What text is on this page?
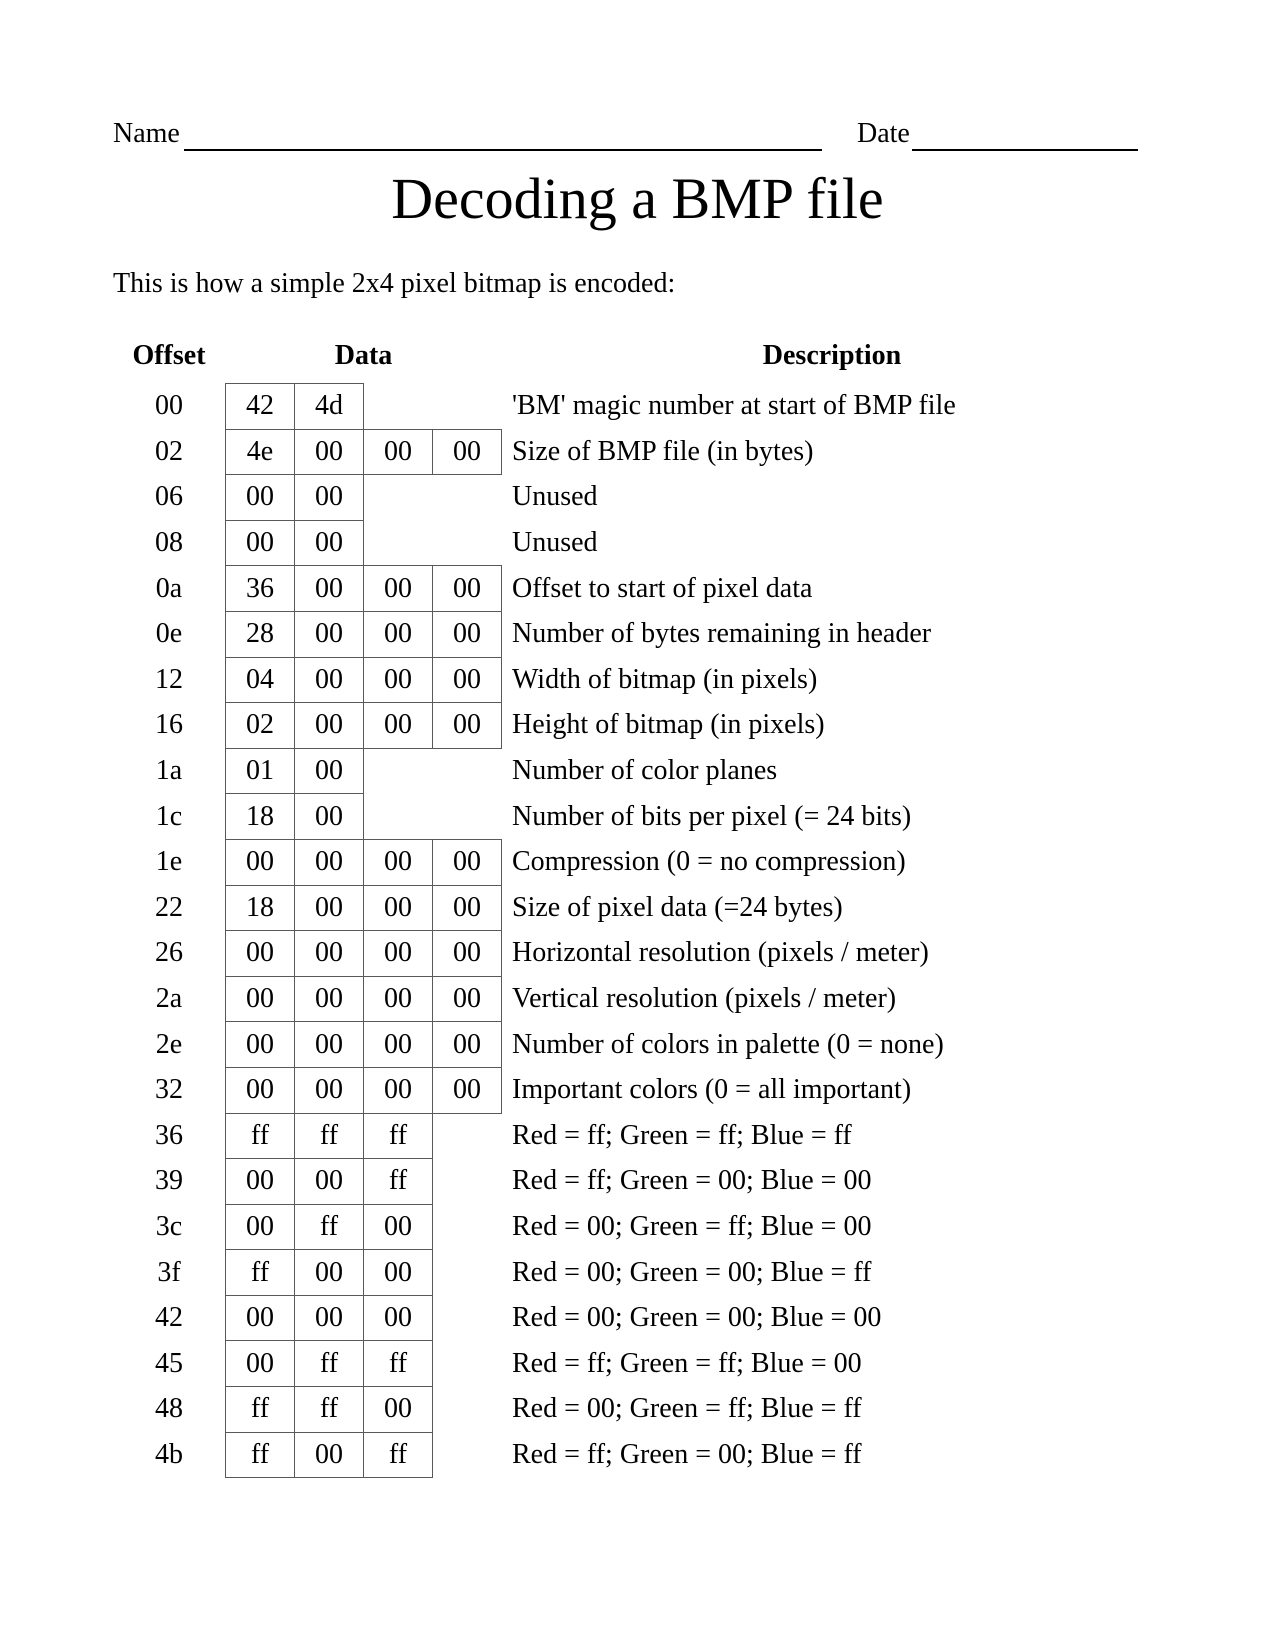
Name	Date
Decoding a BMP file

This is how a simple 2x4 pixel bitmap is encoded:

Offset	Data	Description
00	42	4d	'BM' magic number at start of BMP file
02	4e	00	00	00	Size of BMP file (in bytes)
06	00	00	Unused
08	00	00	Unused
0a	36	00	00	00	Offset to start of pixel data
0e	28	00	00	00	Number of bytes remaining in header
12	04	00	00	00	Width of bitmap (in pixels)
16	02	00	00	00	Height of bitmap (in pixels)
1a	01	00	Number of color planes
1c	18	00	Number of bits per pixel (= 24 bits)
1e	00	00	00	00	Compression (0 = no compression)
22	18	00	00	00	Size of pixel data (=24 bytes)
26	00	00	00	00	Horizontal resolution (pixels / meter)
2a	00	00	00	00	Vertical resolution (pixels / meter)
2e	00	00	00	00	Number of colors in palette (0 = none)
32	00	00	00	00	Important colors (0 = all important)
36	ff	ff	ff	Red = ff; Green = ff; Blue = ff
39	00	00	ff	Red = ff; Green = 00; Blue = 00
3c	00	ff	00	Red = 00; Green = ff; Blue = 00
3f	ff	00	00	Red = 00; Green = 00; Blue = ff
42	00	00	00	Red = 00; Green = 00; Blue = 00
45	00	ff	ff	Red = ff; Green = ff; Blue = 00
48	ff	ff	00	Red = 00; Green = ff; Blue = ff
4b	ff	00	ff	Red = ff; Green = 00; Blue = ff
